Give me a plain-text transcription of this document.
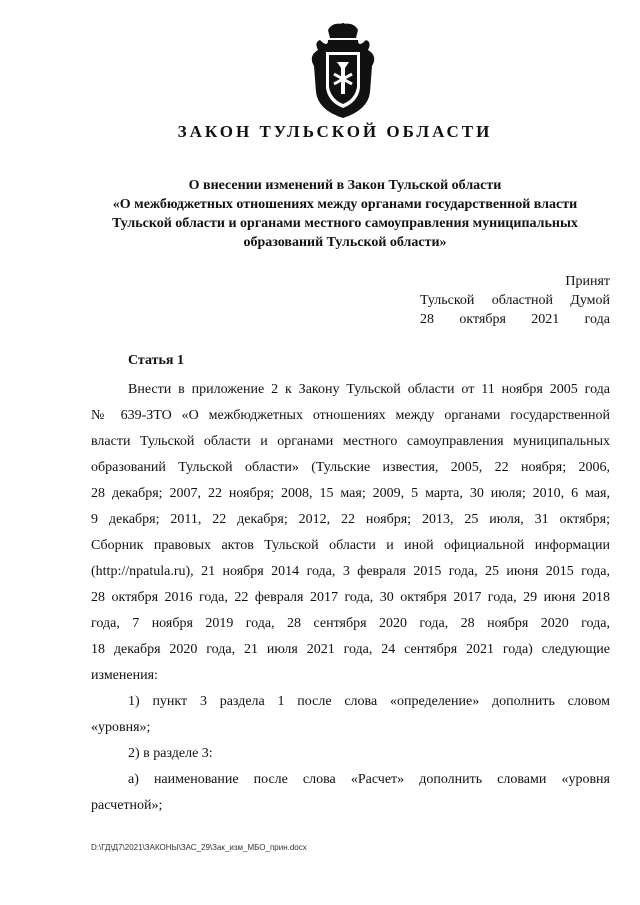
ЗАКОН ТУЛЬСКОЙ ОБЛАСТИ
О внесении изменений в Закон Тульской области
«О межбюджетных отношениях между органами государственной власти
Тульской области и органами местного самоуправления муниципальных
образований Тульской области»
Принят
Тульской областной Думой
28 октября 2021 года
Статья 1
Внести в приложение 2 к Закону Тульской области от 11 ноября 2005 года
№ 639-ЗТО «О межбюджетных отношениях между органами государственной
власти Тульской области и органами местного самоуправления муниципальных
образований Тульской области» (Тульские известия, 2005, 22 ноября; 2006,
28 декабря; 2007, 22 ноября; 2008, 15 мая; 2009, 5 марта, 30 июля; 2010, 6 мая,
9 декабря; 2011, 22 декабря; 2012, 22 ноября; 2013, 25 июля, 31 октября;
Сборник правовых актов Тульской области и иной официальной информации
(http://npatula.ru), 21 ноября 2014 года, 3 февраля 2015 года, 25 июня 2015 года,
28 октября 2016 года, 22 февраля 2017 года, 30 октября 2017 года, 29 июня 2018
года, 7 ноября 2019 года, 28 сентября 2020 года, 28 ноября 2020 года,
18 декабря 2020 года, 21 июля 2021 года, 24 сентября 2021 года) следующие
изменения:
1) пункт 3 раздела 1 после слова «определение» дополнить словом
«уровня»;
2) в разделе 3:
а) наименование после слова «Расчет» дополнить словами «уровня
расчетной»;
D:\ГД\Д7\2021\ЗАКОНЫ\ЗАС_29\Зак_изм_МБО_прин.docx
